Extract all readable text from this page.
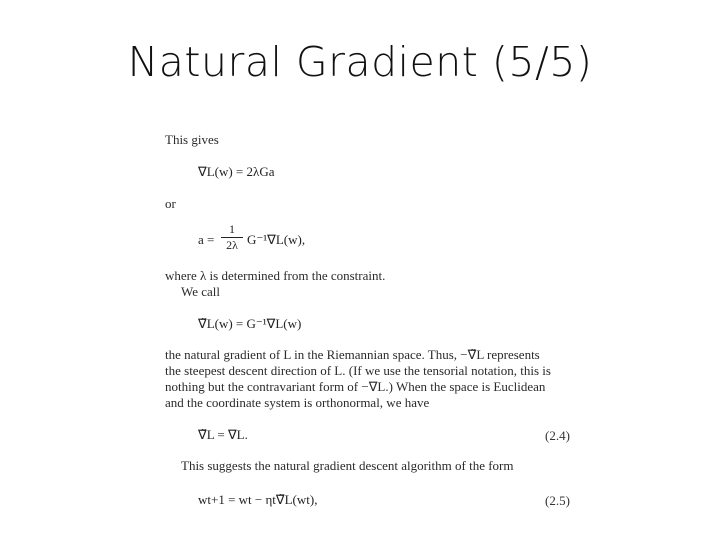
Natural Gradient (5/5)
This gives
∇L(w) = 2λGa
or
a =
1
2λ G⁻¹∇L(w),
where λ is determined from the constraint.
We call
∇̃L(w) = G⁻¹∇L(w)
the natural gradient of L in the Riemannian space. Thus, −∇̃L represents
the steepest descent direction of L. (If we use the tensorial notation, this is
nothing but the contravariant form of −∇L.) When the space is Euclidean
and the coordinate system is orthonormal, we have
∇̃L = ∇L.	(2.4)
This suggests the natural gradient descent algorithm of the form
wt+1 = wt − ηt∇̃L(wt),	(2.5)
